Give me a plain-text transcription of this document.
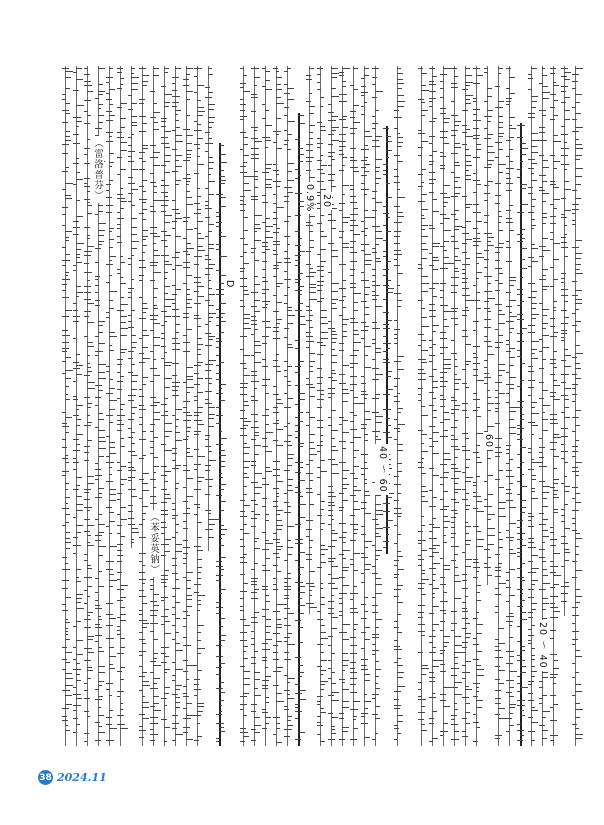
（雷洛普芬）
（苯妥英钠）
D
20
0.9%
40 ～ 60
60
20 ～ 40
38 2024.11
